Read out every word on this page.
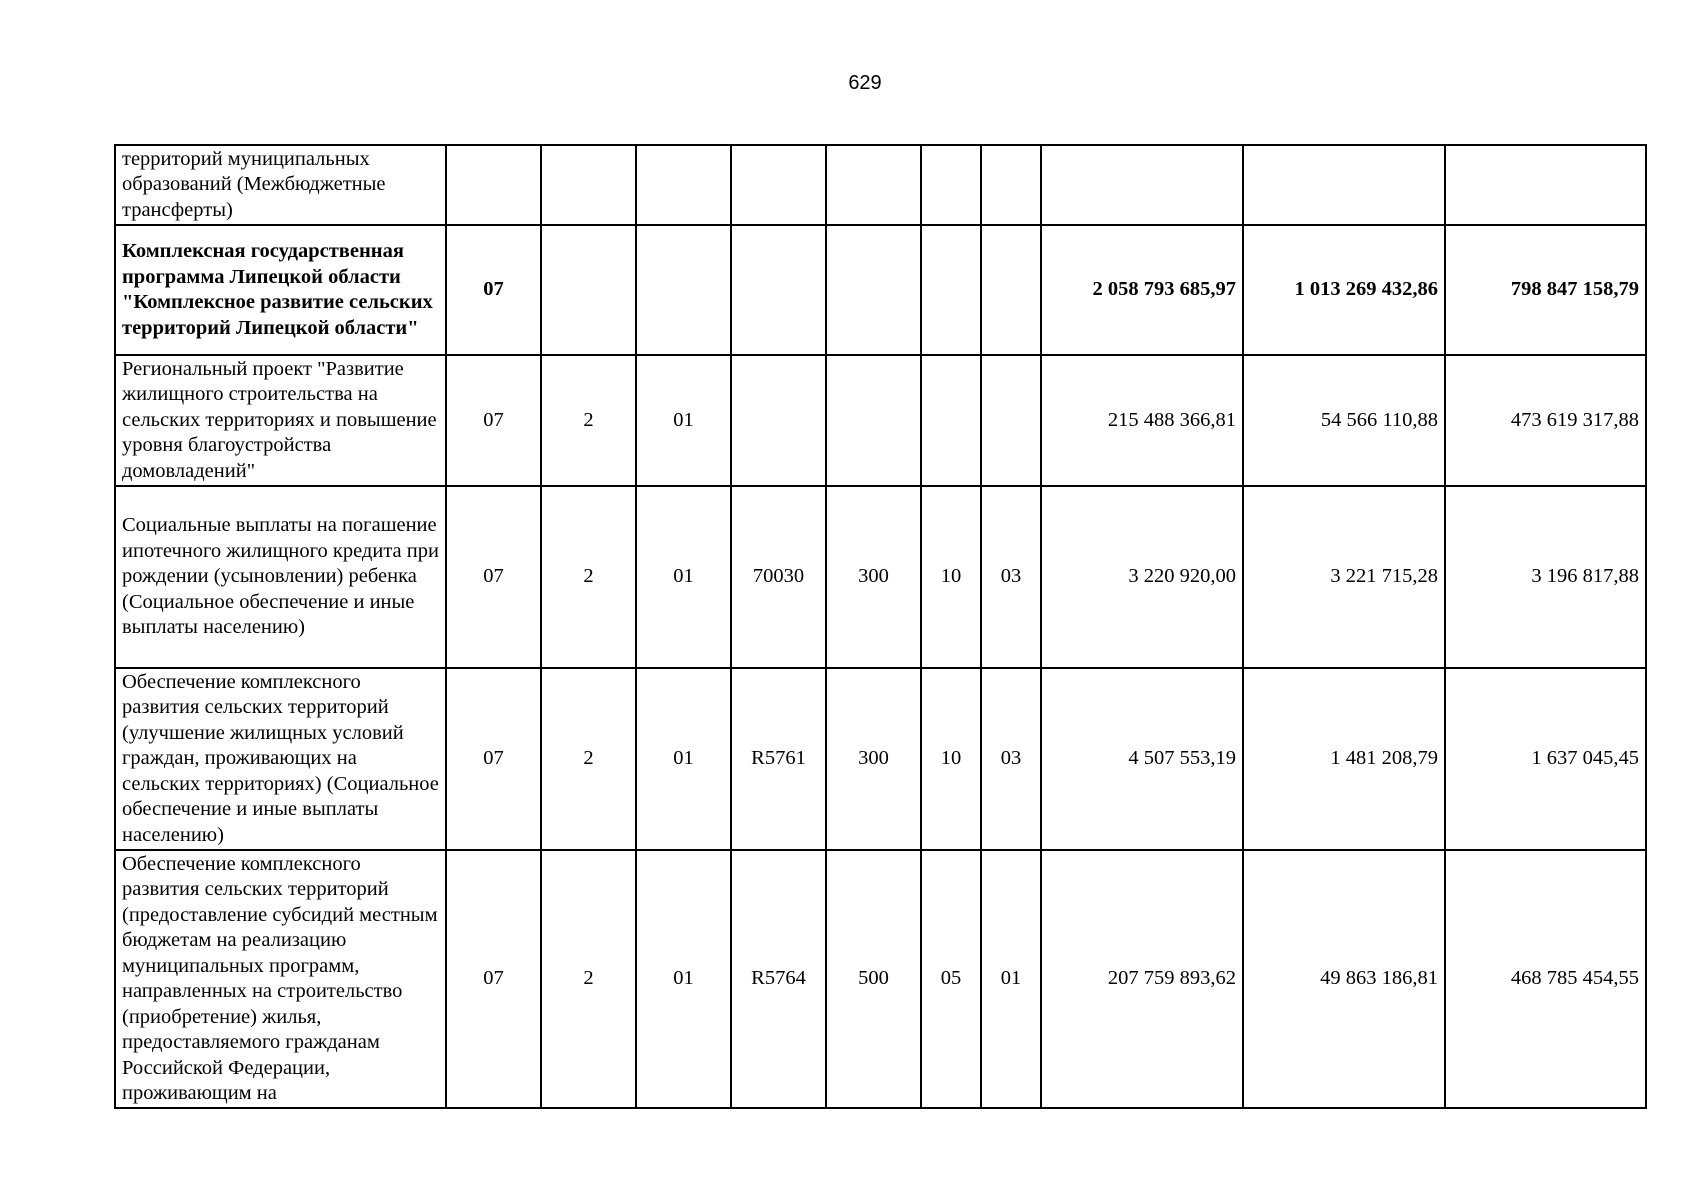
629
территорий муниципальных образований (Межбюджетные трансферты)										
Комплексная государственная программа Липецкой области "Комплексное развитие сельских территорий Липецкой области"	07							2 058 793 685,97	1 013 269 432,86	798 847 158,79
Региональный проект "Развитие жилищного строительства на сельских территориях и повышение уровня благоустройства домовладений"	07	2	01					215 488 366,81	54 566 110,88	473 619 317,88
Социальные выплаты на погашение ипотечного жилищного кредита при рождении (усыновлении) ребенка (Социальное обеспечение и иные выплаты населению)	07	2	01	70030	300	10	03	3 220 920,00	3 221 715,28	3 196 817,88
Обеспечение комплексного развития сельских территорий (улучшение жилищных условий граждан, проживающих на сельских территориях) (Социальное обеспечение и иные выплаты населению)	07	2	01	R5761	300	10	03	4 507 553,19	1 481 208,79	1 637 045,45
Обеспечение комплексного развития сельских территорий (предоставление субсидий местным бюджетам на реализацию муниципальных программ, направленных на строительство (приобретение) жилья, предоставляемого гражданам Российской Федерации, проживающим на	07	2	01	R5764	500	05	01	207 759 893,62	49 863 186,81	468 785 454,55
